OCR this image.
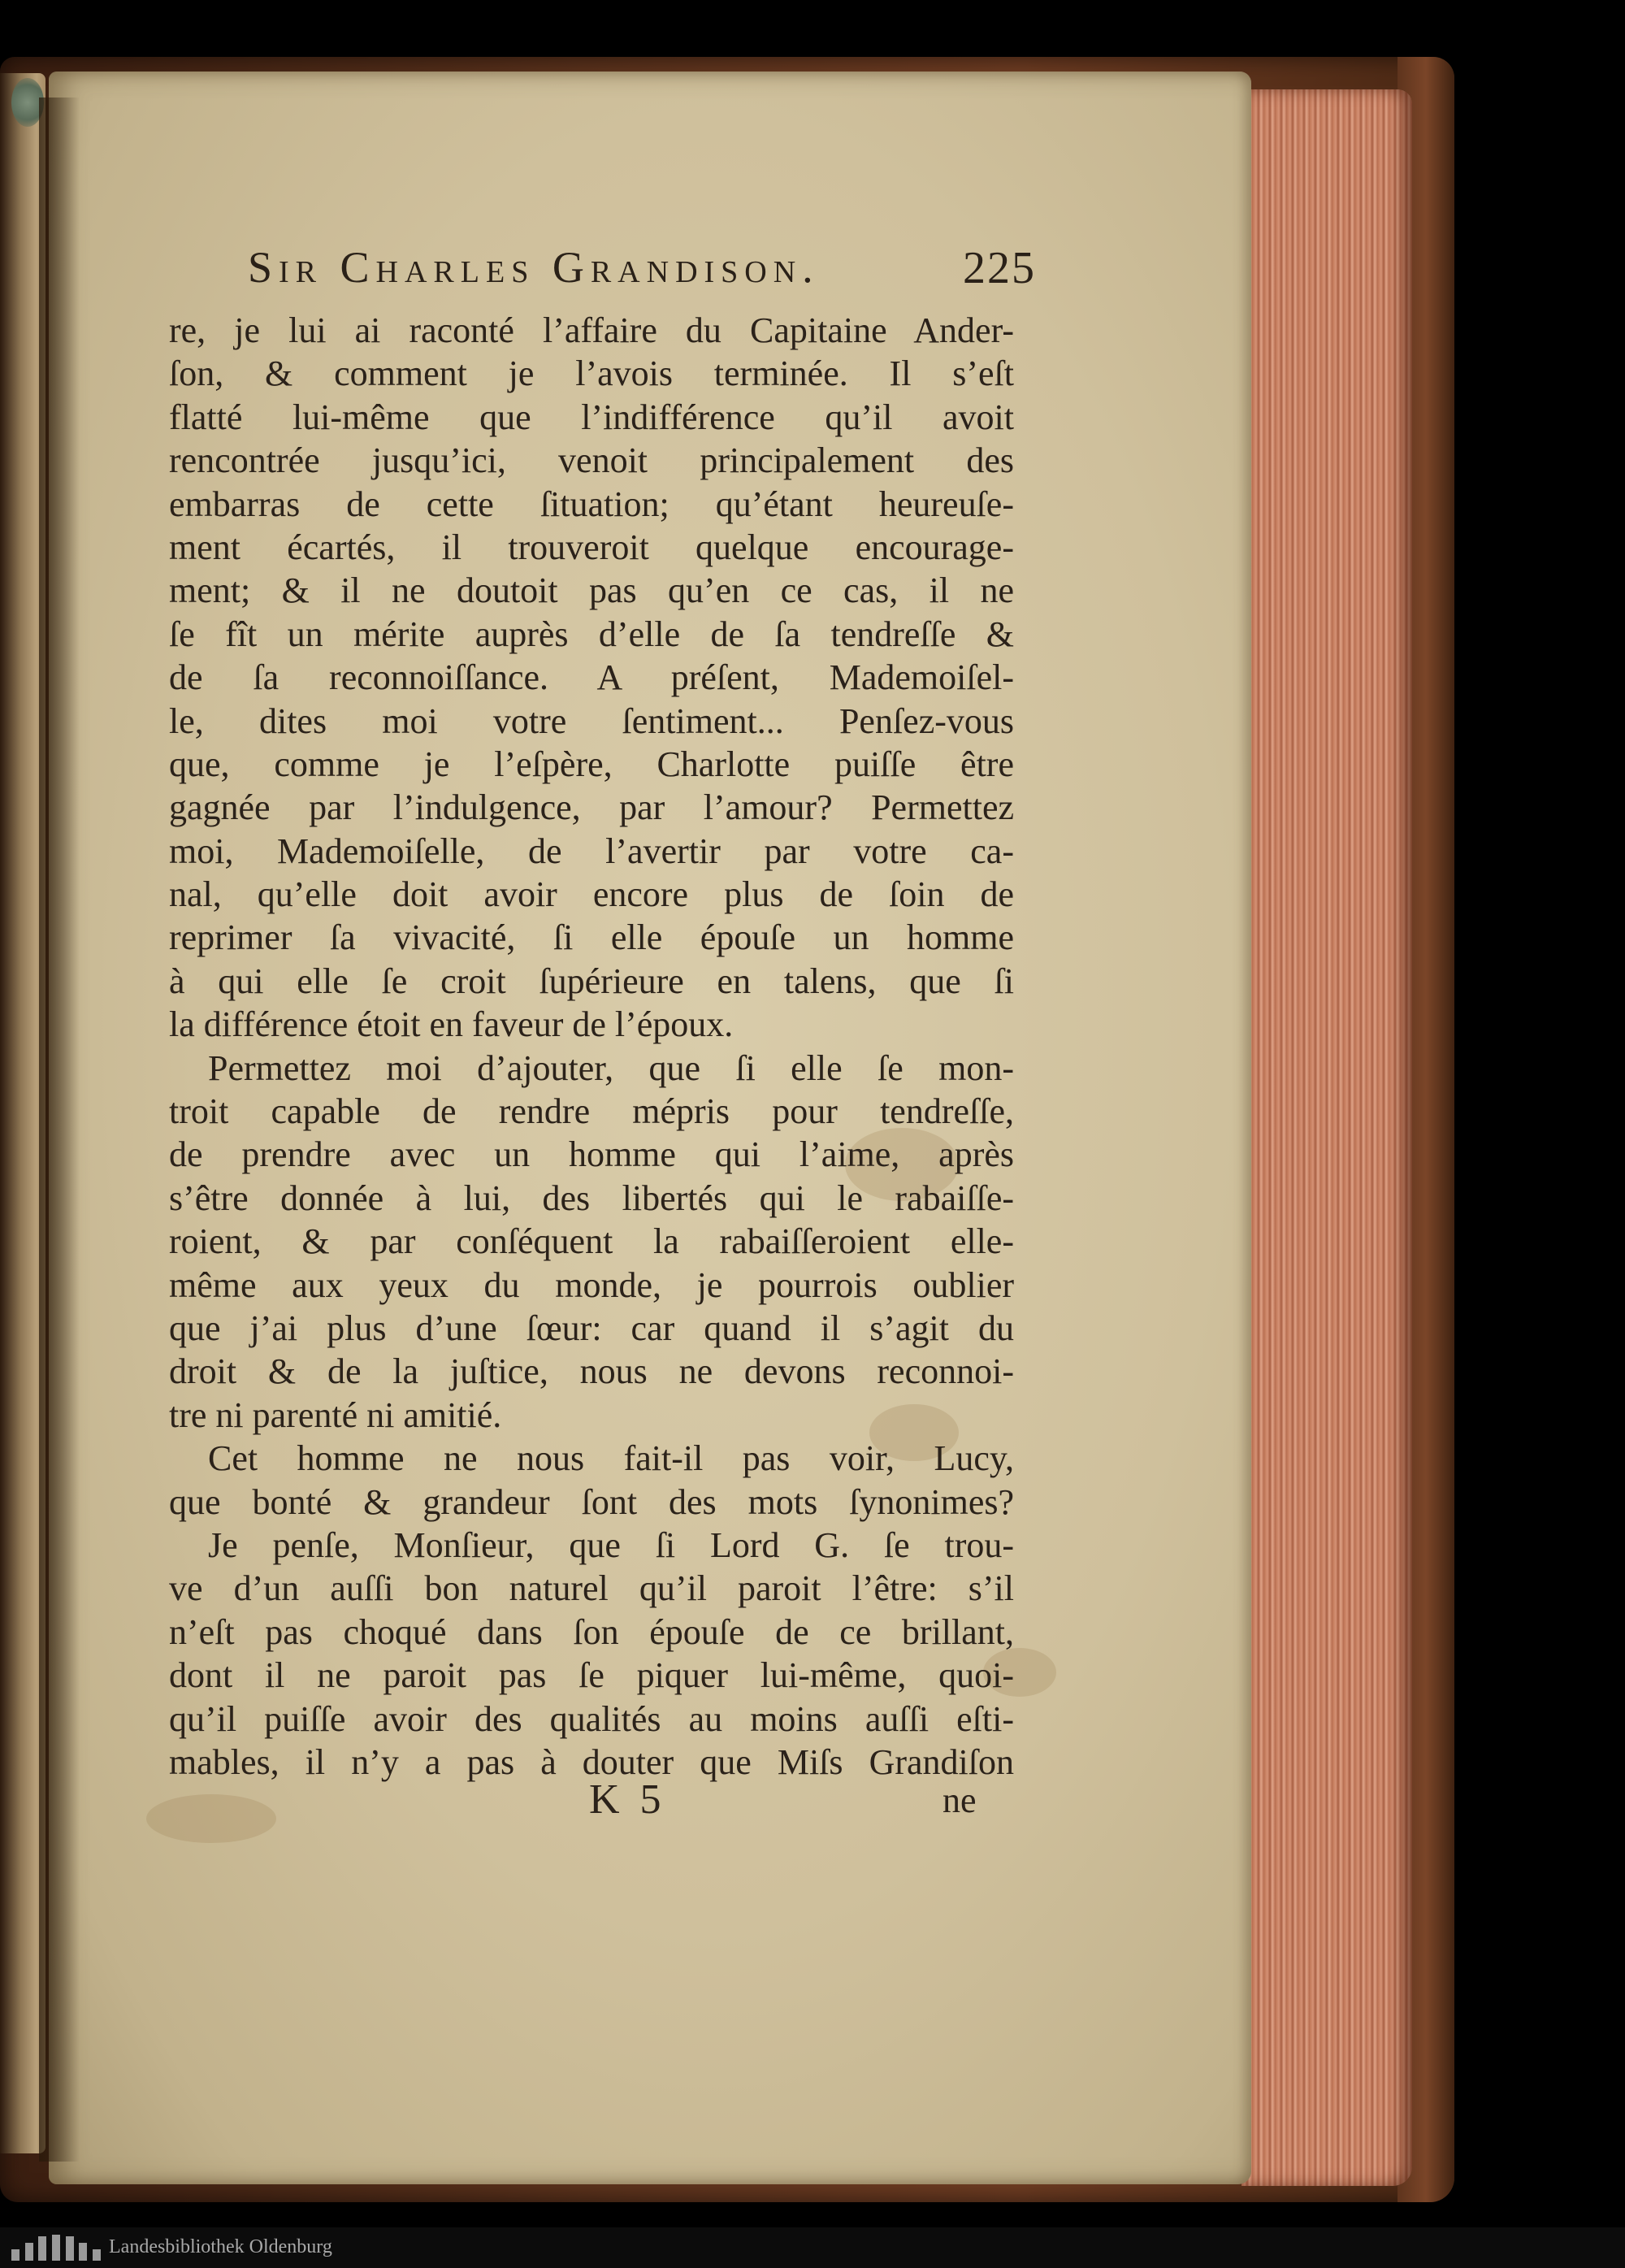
Sir Charles Grandison.	225
re, je lui ai raconté l’affaire du Capitaine Ander-
ſon, & comment je l’avois terminée. Il s’eſt
flatté lui-même que l’indifférence qu’il avoit
rencontrée jusqu’ici, venoit principalement des
embarras de cette ſituation; qu’étant heureuſe-
ment écartés, il trouveroit quelque encourage-
ment; & il ne doutoit pas qu’en ce cas, il ne
ſe fît un mérite auprès d’elle de ſa tendreſſe &
de ſa reconnoiſſance. A préſent, Mademoiſel-
le, dites moi votre ſentiment... Penſez-vous
que, comme je l’eſpère, Charlotte puiſſe être
gagnée par l’indulgence, par l’amour? Permettez
moi, Mademoiſelle, de l’avertir par votre ca-
nal, qu’elle doit avoir encore plus de ſoin de
reprimer ſa vivacité, ſi elle épouſe un homme
à qui elle ſe croit ſupérieure en talens, que ſi
la différence étoit en faveur de l’époux.
Permettez moi d’ajouter, que ſi elle ſe mon-
troit capable de rendre mépris pour tendreſſe,
de prendre avec un homme qui l’aime, après
s’être donnée à lui, des libertés qui le rabaiſſe-
roient, & par conſéquent la rabaiſſeroient elle-
même aux yeux du monde, je pourrois oublier
que j’ai plus d’une ſœur: car quand il s’agit du
droit & de la juſtice, nous ne devons reconnoi-
tre ni parenté ni amitié.
Cet homme ne nous fait-il pas voir, Lucy,
que bonté & grandeur ſont des mots ſynonimes?
Je penſe, Monſieur, que ſi Lord G. ſe trou-
ve d’un auſſi bon naturel qu’il paroit l’être: s’il
n’eſt pas choqué dans ſon épouſe de ce brillant,
dont il ne paroit pas ſe piquer lui-même, quoi-
qu’il puiſſe avoir des qualités au moins auſſi eſti-
mables, il n’y a pas à douter que Miſs Grandiſon
K 5	ne
Landesbibliothek Oldenburg
